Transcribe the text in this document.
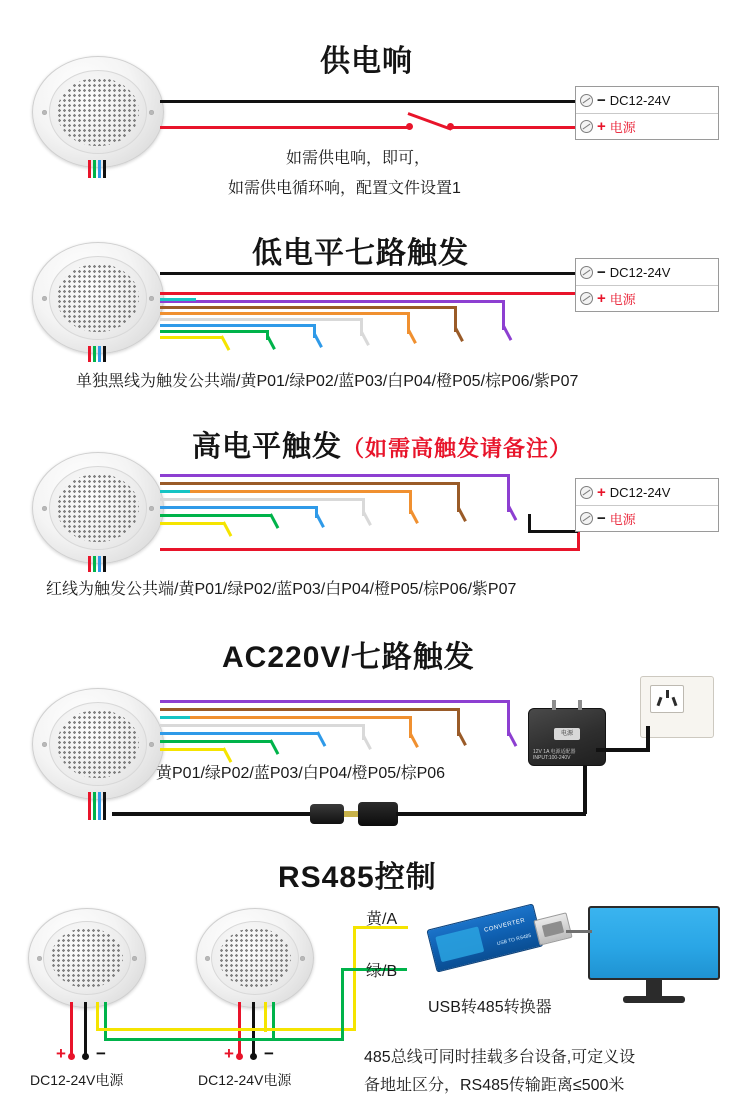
供电响
− DC12-24V
+ 电源
如需供电响，即可，
如需供电循环响，配置文件设置1
低电平七路触发
− DC12-24V
+ 电源
单独黑线为触发公共端/黄P01/绿P02/蓝P03/白P04/橙P05/棕P06/紫P07
高电平触发（如需高触发请备注）
+ DC12-24V
− 电源
红线为触发公共端/黄P01/绿P02/蓝P03/白P04/橙P05/棕P06/紫P07
AC220V/七路触发
黄P01/绿P02/蓝P03/白P04/橙P05/棕P06
电源
12V 1A 电源适配器
INPUT:100-240V
RS485控制
+ −
DC12-24V电源
+ −
DC12-24V电源
黄/A
绿/B
CONVERTER
USB TO RS485
USB转485转换器
485总线可同时挂载多台设备,可定义设
备地址区分，RS485传输距离≤500米
